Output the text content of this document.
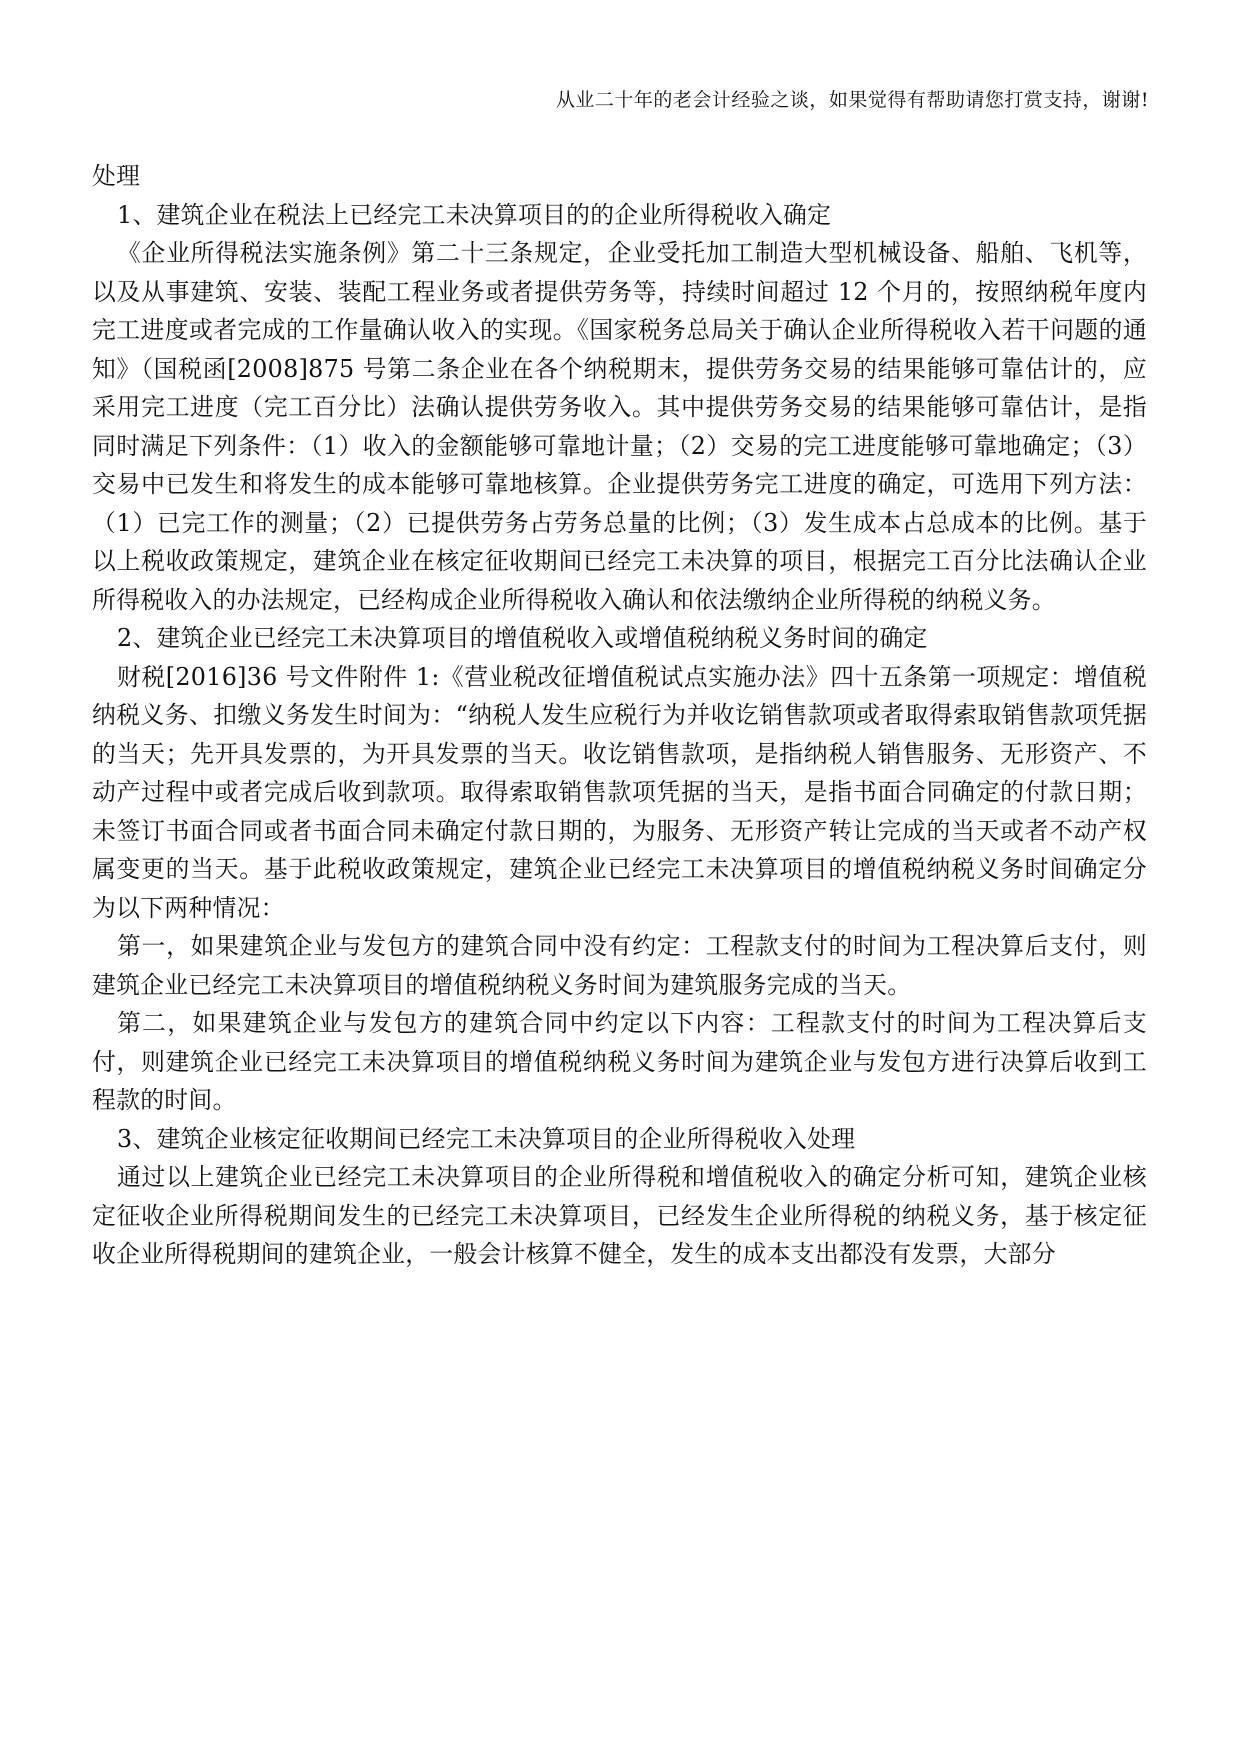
从业二十年的老会计经验之谈，如果觉得有帮助请您打赏支持，谢谢!

处理

1、建筑企业在税法上已经完工未决算项目的的企业所得税收入确定

《企业所得税法实施条例》第二十三条规定，企业受托加工制造大型机械设备、船舶、飞机等，以及从事建筑、安装、装配工程业务或者提供劳务等，持续时间超过 12 个月的，按照纳税年度内完工进度或者完成的工作量确认收入的实现。《国家税务总局关于确认企业所得税收入若干问题的通知》（国税函[2008]875 号第二条企业在各个纳税期末，提供劳务交易的结果能够可靠估计的，应采用完工进度（完工百分比）法确认提供劳务收入。其中提供劳务交易的结果能够可靠估计，是指同时满足下列条件：（1）收入的金额能够可靠地计量；（2）交易的完工进度能够可靠地确定；（3）交易中已发生和将发生的成本能够可靠地核算。企业提供劳务完工进度的确定，可选用下列方法：（1）已完工作的测量；（2）已提供劳务占劳务总量的比例；（3）发生成本占总成本的比例。基于以上税收政策规定，建筑企业在核定征收期间已经完工未决算的项目，根据完工百分比法确认企业所得税收入的办法规定，已经构成企业所得税收入确认和依法缴纳企业所得税的纳税义务。

2、建筑企业已经完工未决算项目的增值税收入或增值税纳税义务时间的确定

财税[2016]36 号文件附件 1:《营业税改征增值税试点实施办法》四十五条第一项规定：增值税纳税义务、扣缴义务发生时间为：“纳税人发生应税行为并收讫销售款项或者取得索取销售款项凭据的当天；先开具发票的，为开具发票的当天。收讫销售款项，是指纳税人销售服务、无形资产、不动产过程中或者完成后收到款项。取得索取销售款项凭据的当天，是指书面合同确定的付款日期；未签订书面合同或者书面合同未确定付款日期的，为服务、无形资产转让完成的当天或者不动产权属变更的当天。基于此税收政策规定，建筑企业已经完工未决算项目的增值税纳税义务时间确定分为以下两种情况：

第一，如果建筑企业与发包方的建筑合同中没有约定：工程款支付的时间为工程决算后支付，则建筑企业已经完工未决算项目的增值税纳税义务时间为建筑服务完成的当天。

第二，如果建筑企业与发包方的建筑合同中约定以下内容：工程款支付的时间为工程决算后支付，则建筑企业已经完工未决算项目的增值税纳税义务时间为建筑企业与发包方进行决算后收到工程款的时间。

3、建筑企业核定征收期间已经完工未决算项目的企业所得税收入处理

通过以上建筑企业已经完工未决算项目的企业所得税和增值税收入的确定分析可知，建筑企业核定征收企业所得税期间发生的已经完工未决算项目，已经发生企业所得税的纳税义务，基于核定征收企业所得税期间的建筑企业，一般会计核算不健全，发生的成本支出都没有发票，大部分
